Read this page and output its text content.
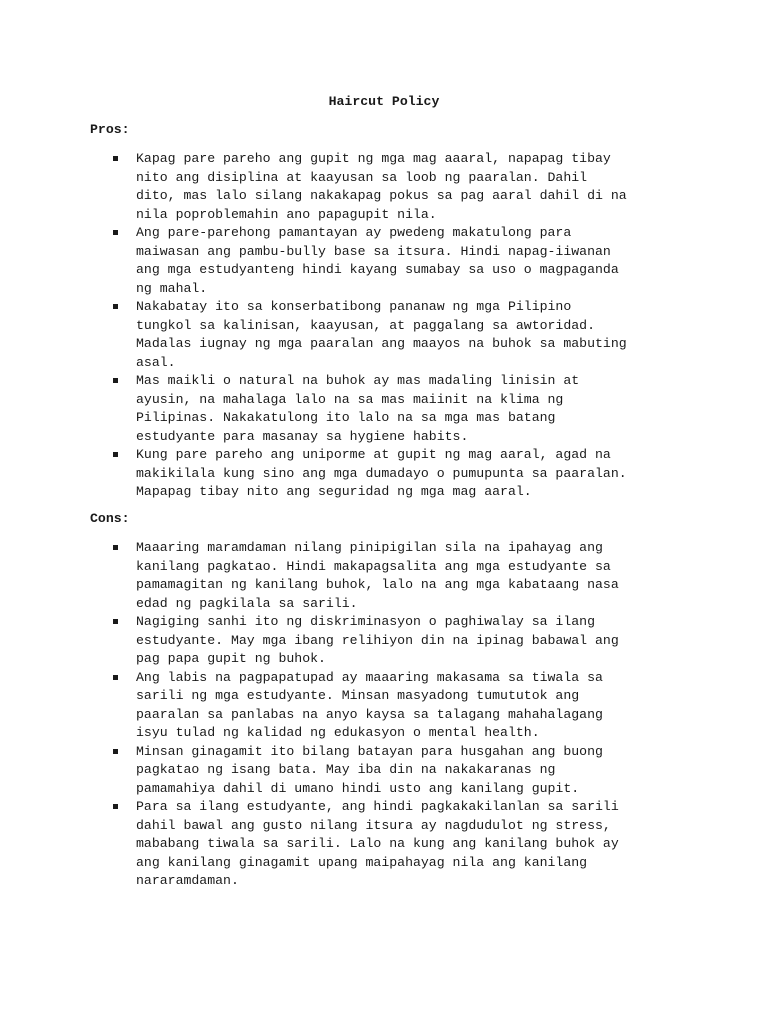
Haircut Policy
Pros:
Kapag pare pareho ang gupit ng mga mag aaaral, napapag tibay
nito ang disiplina at kaayusan sa loob ng paaralan. Dahil
dito, mas lalo silang nakakapag pokus sa pag aaral dahil di na
nila poproblemahin ano papagupit nila.
Ang pare-parehong pamantayan ay pwedeng makatulong para
maiwasan ang pambu-bully base sa itsura. Hindi napag-iiwanan
ang mga estudyanteng hindi kayang sumabay sa uso o magpaganda
ng mahal.
Nakabatay ito sa konserbatibong pananaw ng mga Pilipino
tungkol sa kalinisan, kaayusan, at paggalang sa awtoridad.
Madalas iugnay ng mga paaralan ang maayos na buhok sa mabuting
asal.
Mas maikli o natural na buhok ay mas madaling linisin at
ayusin, na mahalaga lalo na sa mas maiinit na klima ng
Pilipinas. Nakakatulong ito lalo na sa mga mas batang
estudyante para masanay sa hygiene habits.
Kung pare pareho ang uniporme at gupit ng mag aaral, agad na
makikilala kung sino ang mga dumadayo o pumupunta sa paaralan.
Mapapag tibay nito ang seguridad ng mga mag aaral.
Cons:
Maaaring maramdaman nilang pinipigilan sila na ipahayag ang
kanilang pagkatao. Hindi makapagsalita ang mga estudyante sa
pamamagitan ng kanilang buhok, lalo na ang mga kabataang nasa
edad ng pagkilala sa sarili.
Nagiging sanhi ito ng diskriminasyon o paghiwalay sa ilang
estudyante. May mga ibang relihiyon din na ipinag babawal ang
pag papa gupit ng buhok.
Ang labis na pagpapatupad ay maaaring makasama sa tiwala sa
sarili ng mga estudyante. Minsan masyadong tumututok ang
paaralan sa panlabas na anyo kaysa sa talagang mahahalagang
isyu tulad ng kalidad ng edukasyon o mental health.
Minsan ginagamit ito bilang batayan para husgahan ang buong
pagkatao ng isang bata. May iba din na nakakaranas ng
pamamahiya dahil di umano hindi usto ang kanilang gupit.
Para sa ilang estudyante, ang hindi pagkakakilanlan sa sarili
dahil bawal ang gusto nilang itsura ay nagdudulot ng stress,
mababang tiwala sa sarili. Lalo na kung ang kanilang buhok ay
ang kanilang ginagamit upang maipahayag nila ang kanilang
nararamdaman.
